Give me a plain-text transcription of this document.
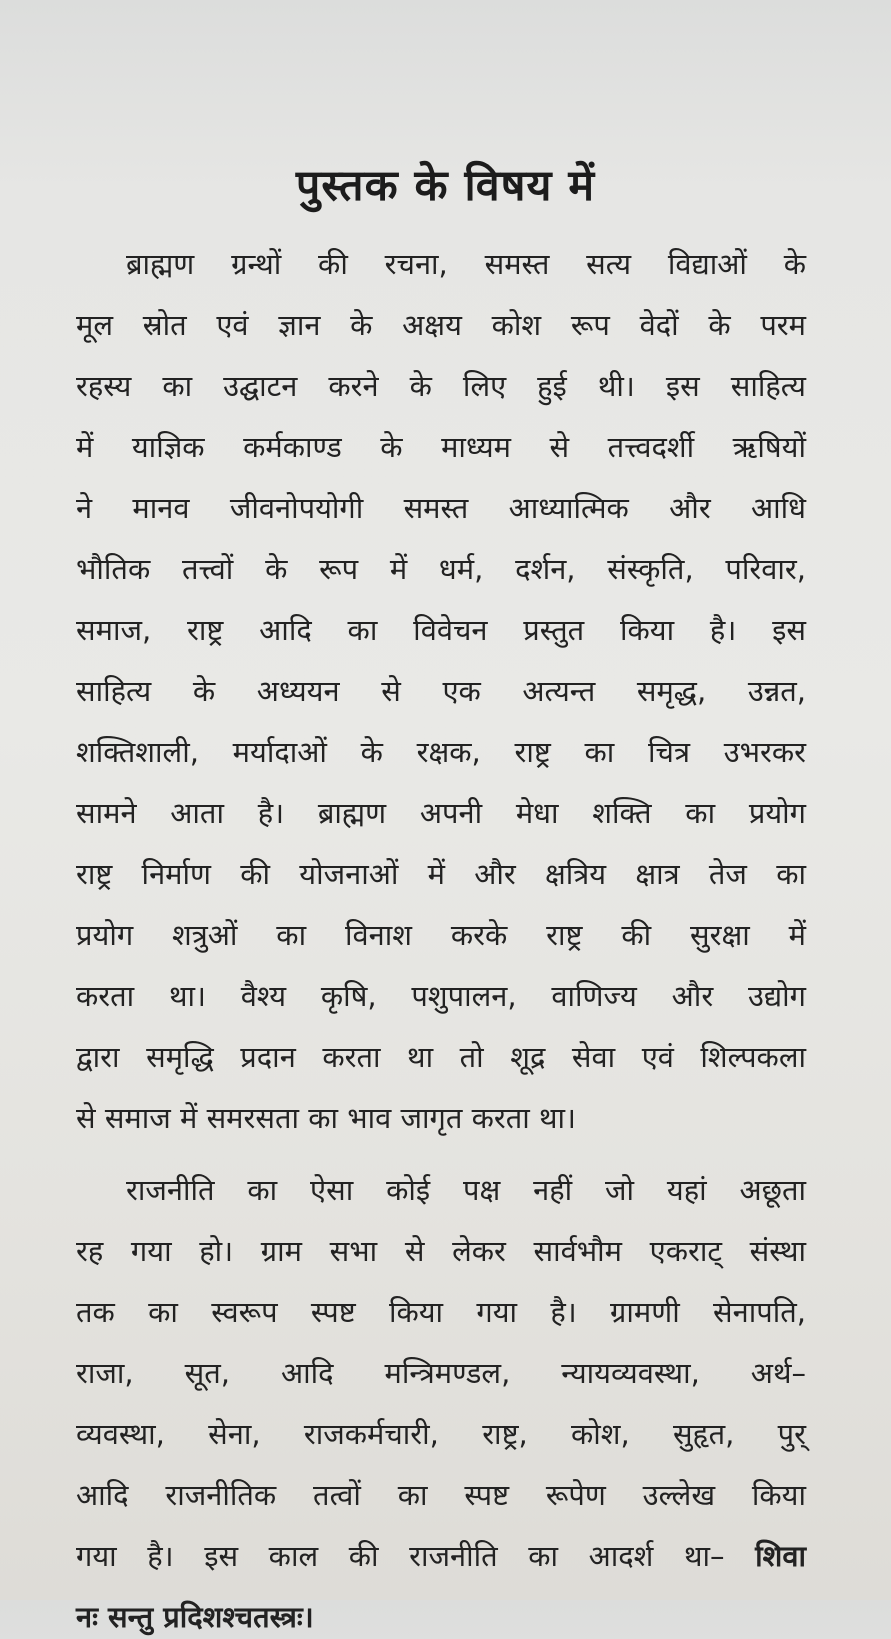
पुस्तक के विषय में
ब्राह्मण ग्रन्थों की रचना, समस्त सत्य विद्याओं के
मूल स्रोत एवं ज्ञान के अक्षय कोश रूप वेदों के परम
रहस्य का उद्घाटन करने के लिए हुई थी। इस साहित्य
में याज्ञिक कर्मकाण्ड के माध्यम से तत्त्वदर्शी ऋषियों
ने मानव जीवनोपयोगी समस्त आध्यात्मिक और आधि
भौतिक तत्त्वों के रूप में धर्म, दर्शन, संस्कृति, परिवार,
समाज, राष्ट्र आदि का विवेचन प्रस्तुत किया है। इस
साहित्य के अध्ययन से एक अत्यन्त समृद्ध, उन्नत,
शक्तिशाली, मर्यादाओं के रक्षक, राष्ट्र का चित्र उभरकर
सामने आता है। ब्राह्मण अपनी मेधा शक्ति का प्रयोग
राष्ट्र निर्माण की योजनाओं में और क्षत्रिय क्षात्र तेज का
प्रयोग शत्रुओं का विनाश करके राष्ट्र की सुरक्षा में
करता था। वैश्य कृषि, पशुपालन, वाणिज्य और उद्योग
द्वारा समृद्धि प्रदान करता था तो शूद्र सेवा एवं शिल्पकला
से समाज में समरसता का भाव जागृत करता था।
राजनीति का ऐसा कोई पक्ष नहीं जो यहां अछूता
रह गया हो। ग्राम सभा से लेकर सार्वभौम एकराट् संस्था
तक का स्वरूप स्पष्ट किया गया है। ग्रामणी सेनापति,
राजा, सूत, आदि मन्त्रिमण्डल, न्यायव्यवस्था, अर्थ–
व्यवस्था, सेना, राजकर्मचारी, राष्ट्र, कोश, सुहृत, पुर्
आदि राजनीतिक तत्वों का स्पष्ट रूपेण उल्लेख किया
गया है। इस काल की राजनीति का आदर्श था– शिवा
नः सन्तु प्रदिशश्चतस्त्रः।
